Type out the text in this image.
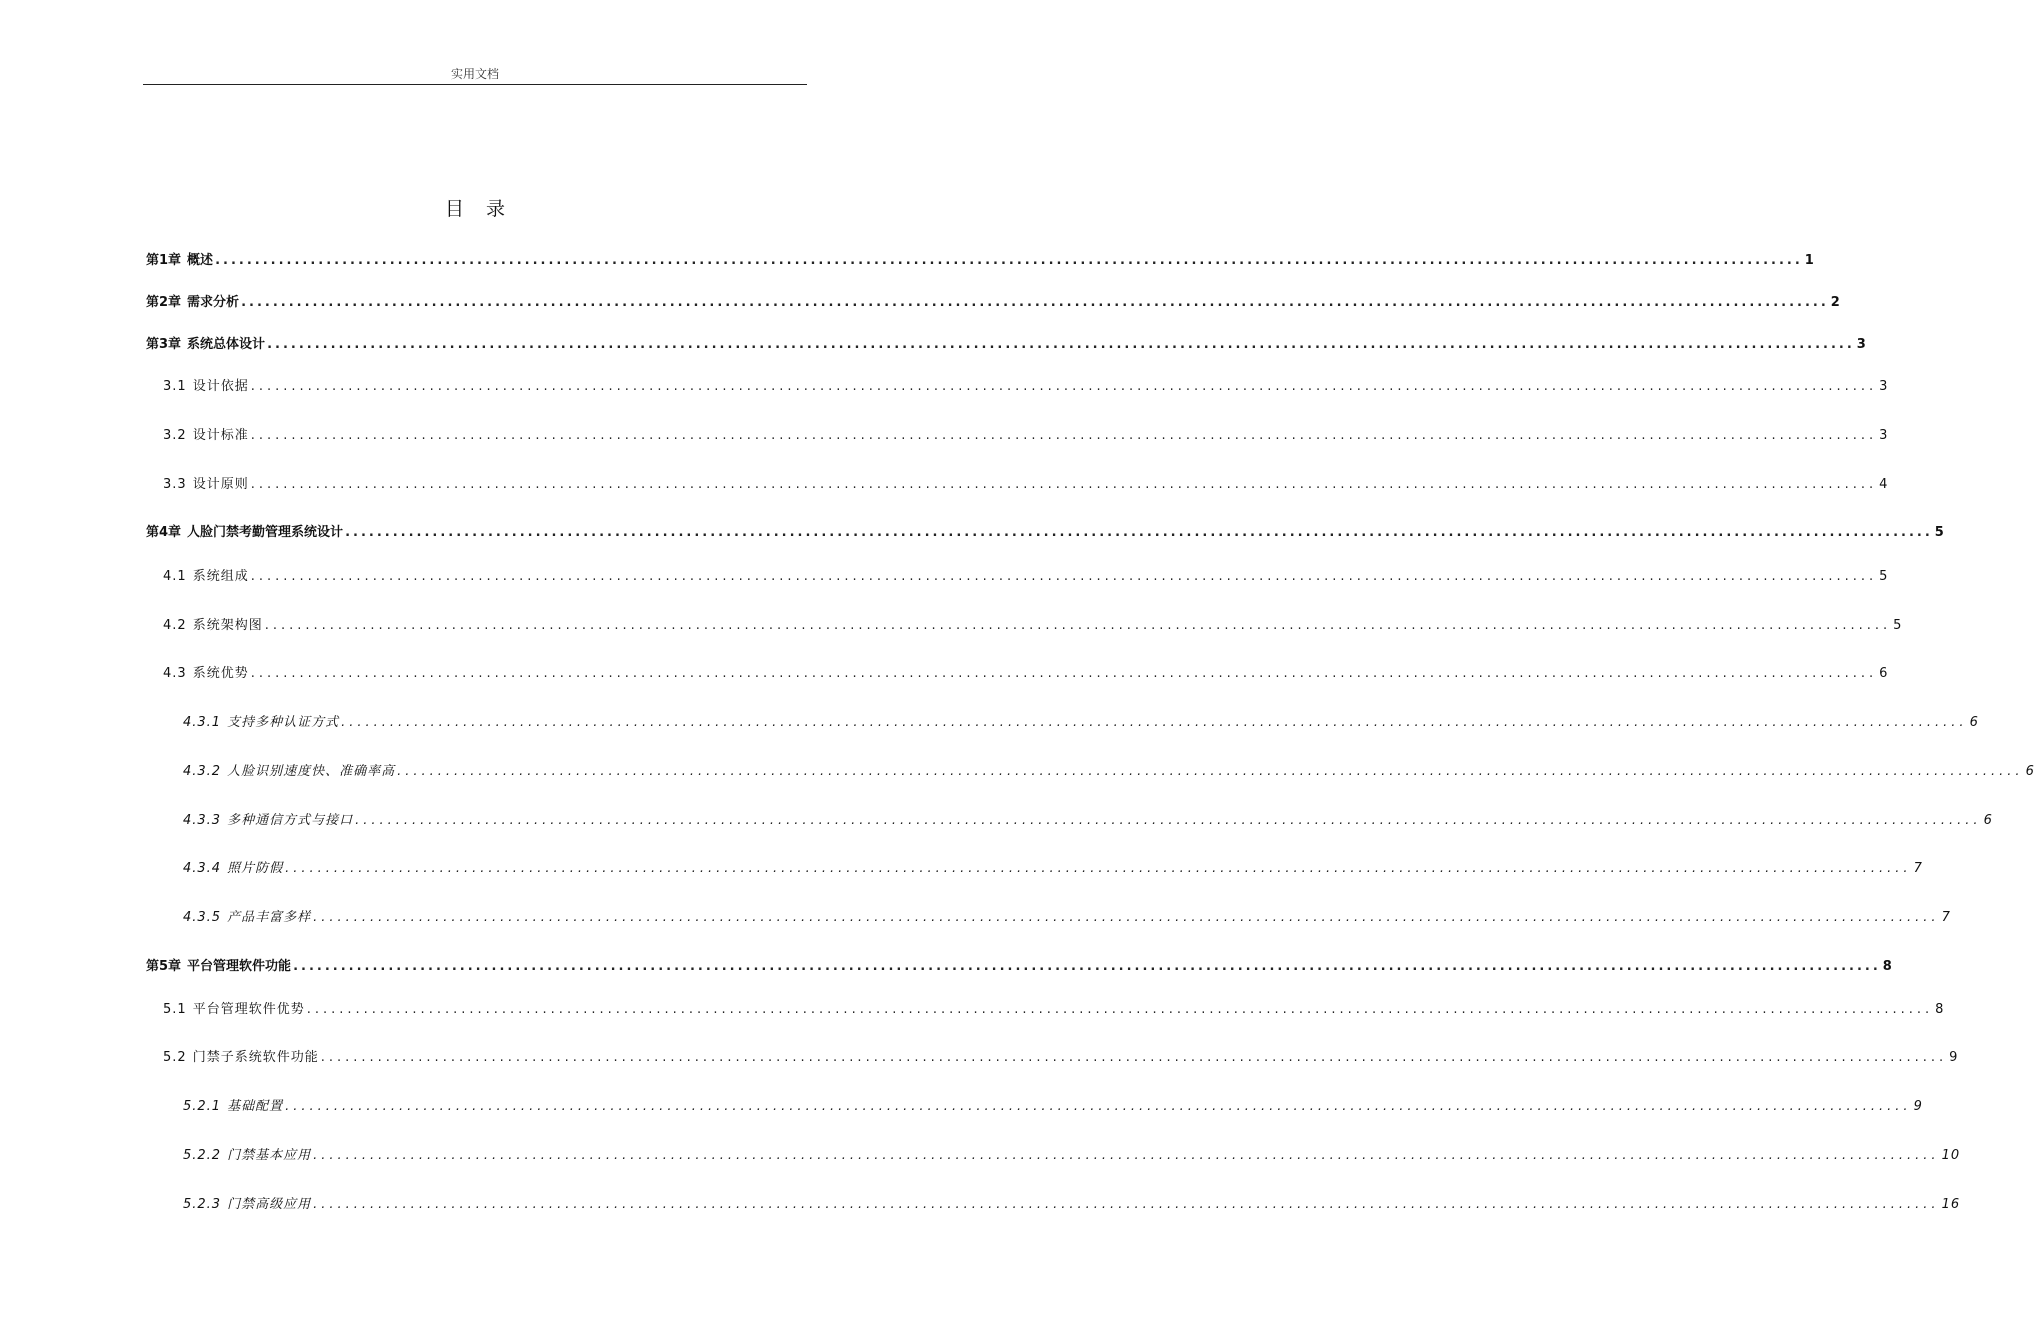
实用文档
目 录
第1章 概述 ........................................................................................................................................................................................................ 1
第2章 需求分析 ........................................................................................................................................................................................................ 2
第3章 系统总体设计 ........................................................................................................................................................................................................ 3
3.1 设计依据 ........................................................................................................................................................................................................ 3
3.2 设计标准 ........................................................................................................................................................................................................ 3
3.3 设计原则 ........................................................................................................................................................................................................ 4
第4章 人脸门禁考勤管理系统设计 ........................................................................................................................................................................................................ 5
4.1 系统组成 ........................................................................................................................................................................................................ 5
4.2 系统架构图 ........................................................................................................................................................................................................ 5
4.3 系统优势 ........................................................................................................................................................................................................ 6
4.3.1 支持多种认证方式 ........................................................................................................................................................................................................ 6
4.3.2 人脸识别速度快、准确率高 ........................................................................................................................................................................................................ 6
4.3.3 多种通信方式与接口 ........................................................................................................................................................................................................ 6
4.3.4 照片防假 ........................................................................................................................................................................................................ 7
4.3.5 产品丰富多样 ........................................................................................................................................................................................................ 7
第5章 平台管理软件功能 ........................................................................................................................................................................................................ 8
5.1 平台管理软件优势 ........................................................................................................................................................................................................ 8
5.2 门禁子系统软件功能 ........................................................................................................................................................................................................ 9
5.2.1 基础配置 ........................................................................................................................................................................................................ 9
5.2.2 门禁基本应用 ........................................................................................................................................................................................................ 10
5.2.3 门禁高级应用 ........................................................................................................................................................................................................ 16
